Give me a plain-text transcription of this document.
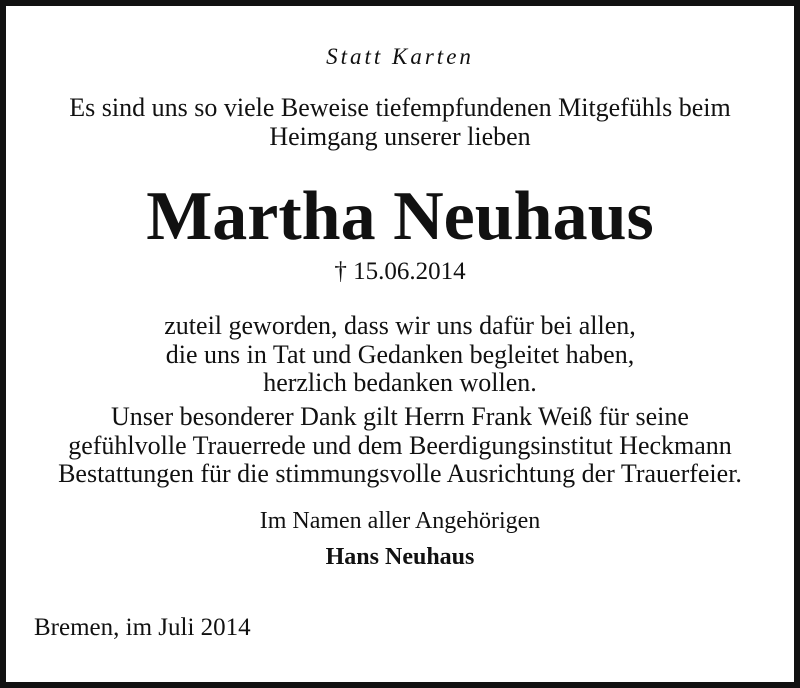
Statt Karten
Es sind uns so viele Beweise tiefempfundenen Mitgefühls beim
Heimgang unserer lieben
Martha Neuhaus
† 15.06.2014
zuteil geworden, dass wir uns dafür bei allen,
die uns in Tat und Gedanken begleitet haben,
herzlich bedanken wollen.
Unser besonderer Dank gilt Herrn Frank Weiß für seine
gefühlvolle Trauerrede und dem Beerdigungsinstitut Heckmann
Bestattungen für die stimmungsvolle Ausrichtung der Trauerfeier.
Im Namen aller Angehörigen
Hans Neuhaus
Bremen, im Juli 2014
